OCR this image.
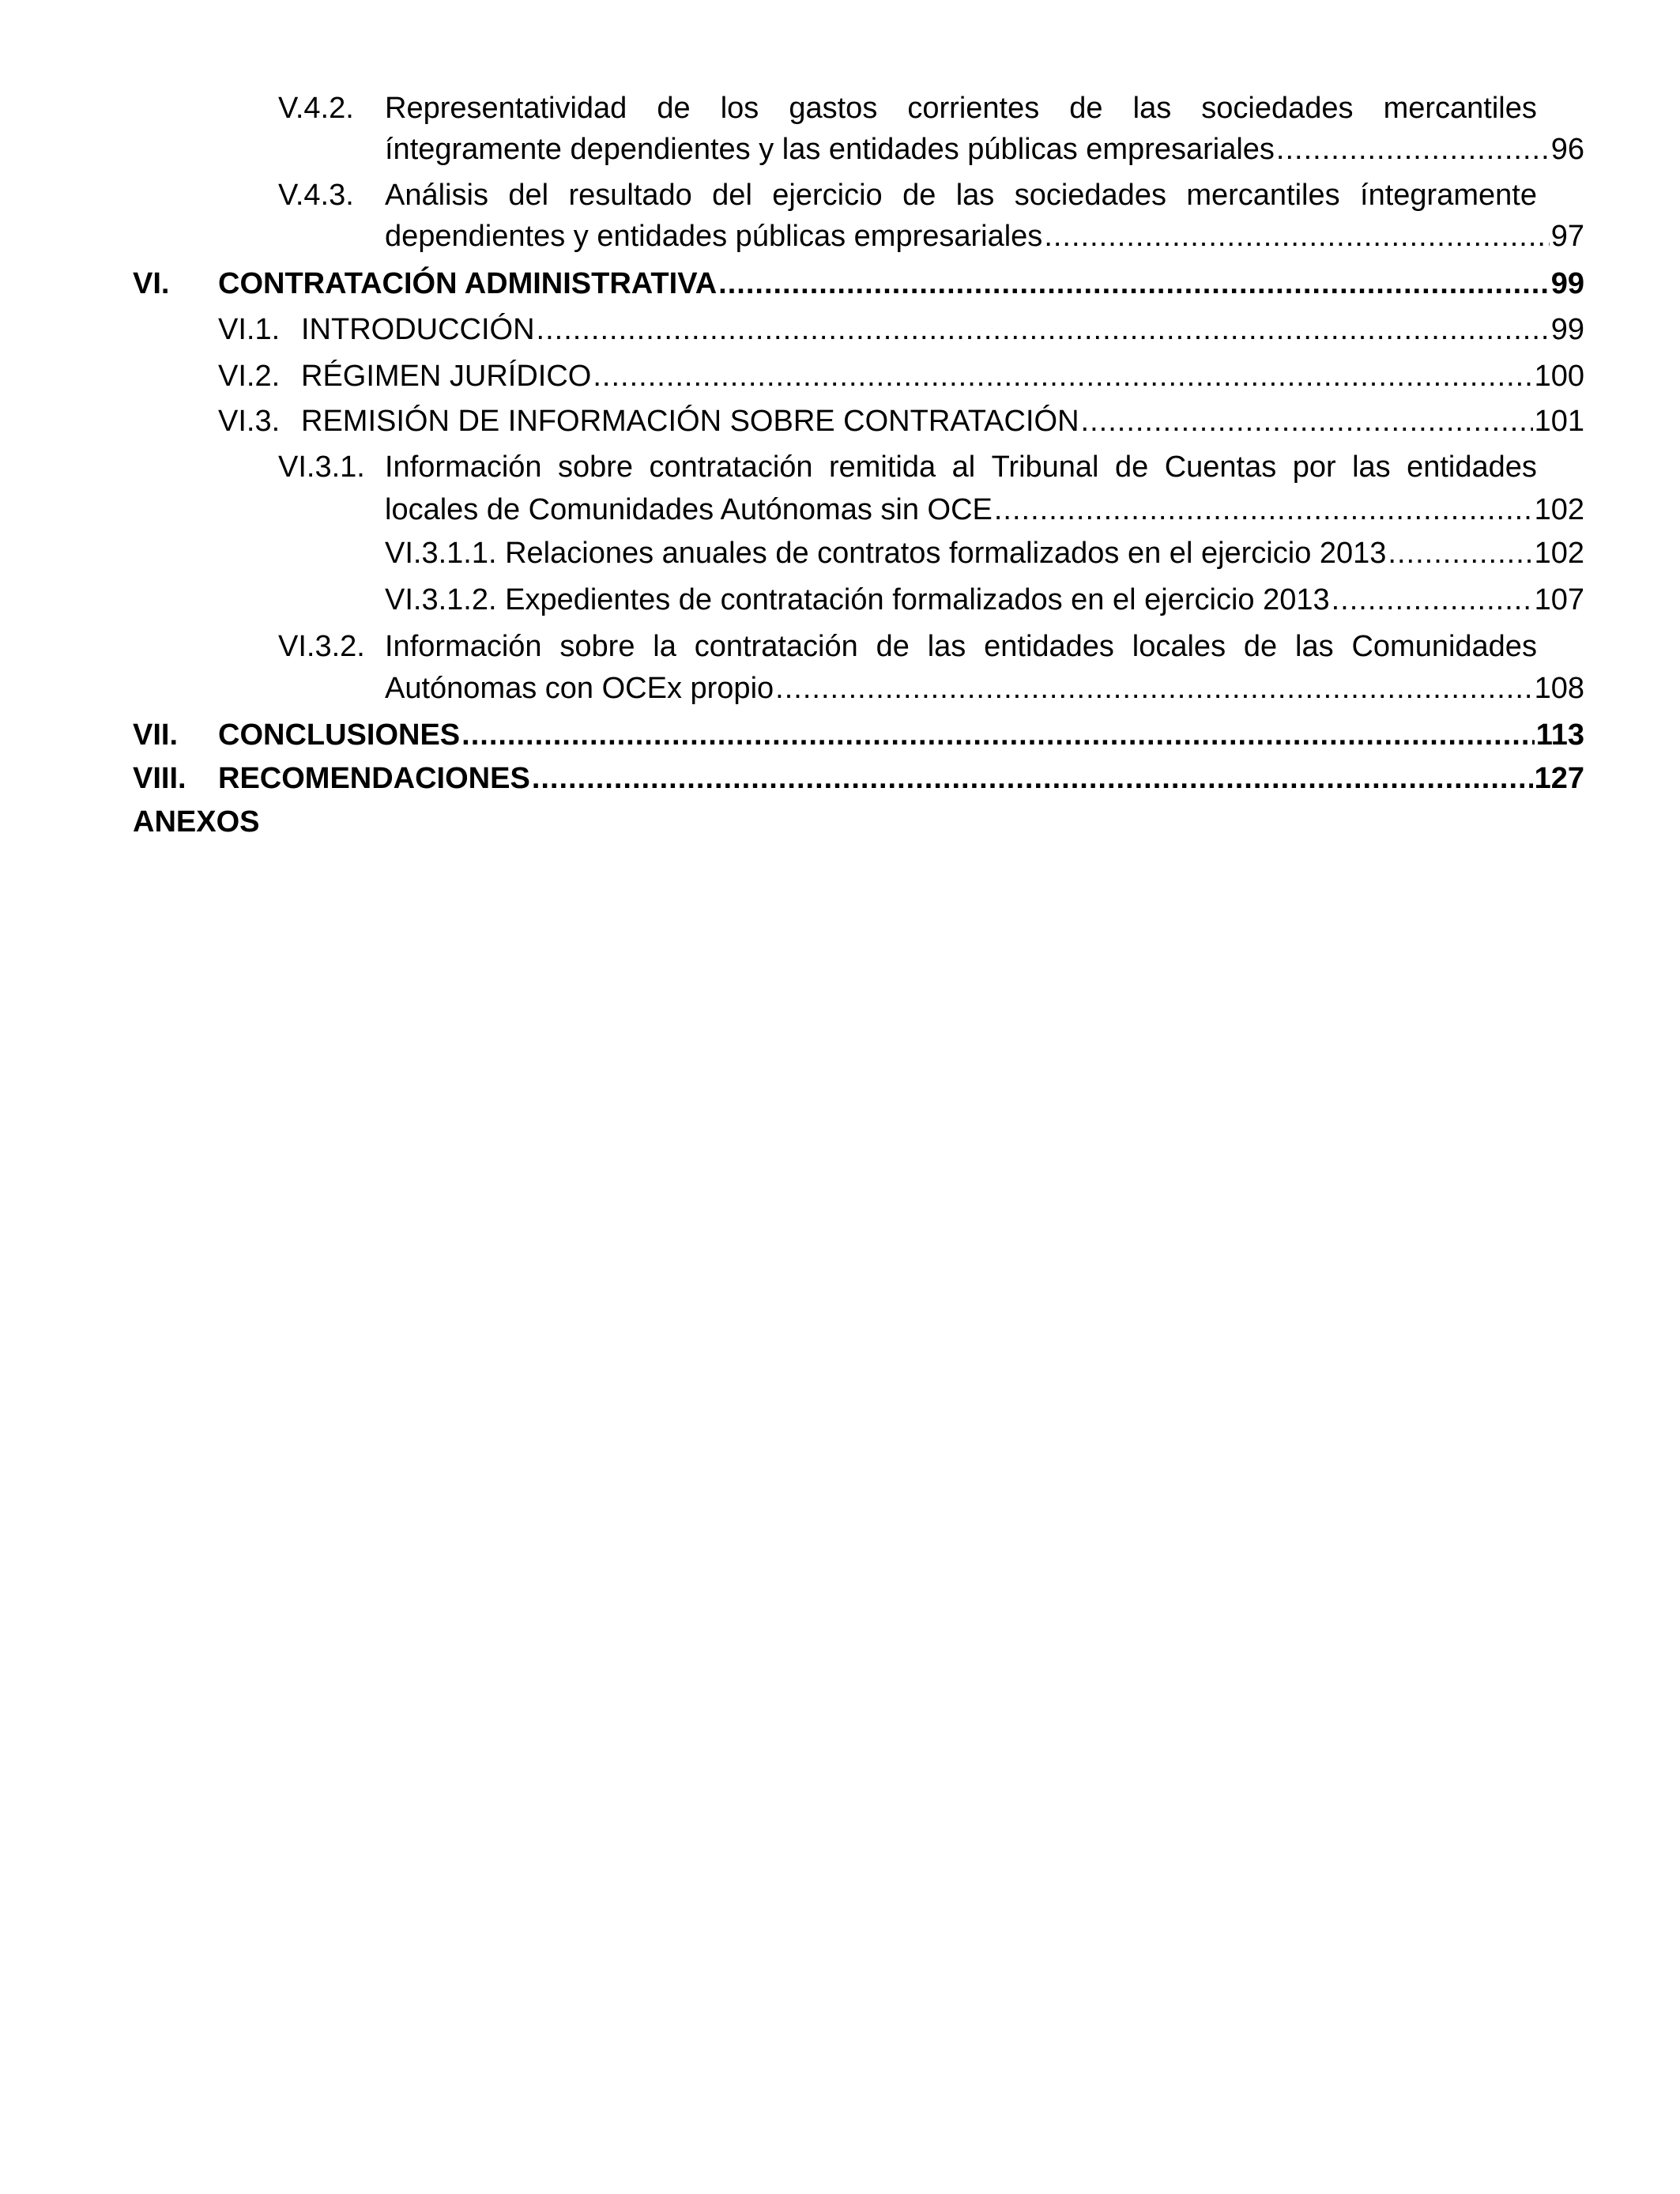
V.4.2. Representatividad de los gastos corrientes de las sociedades mercantiles
íntegramente dependientes y las entidades públicas empresariales .....	96
V.4.3. Análisis del resultado del ejercicio de las sociedades mercantiles íntegramente
dependientes y entidades públicas empresariales .....	97
VI. CONTRATACIÓN ADMINISTRATIVA .....	99
VI.1. INTRODUCCIÓN .....	99
VI.2. RÉGIMEN JURÍDICO .....	100
VI.3. REMISIÓN DE INFORMACIÓN SOBRE CONTRATACIÓN .....	101
VI.3.1. Información sobre contratación remitida al Tribunal de Cuentas por las entidades
locales de Comunidades Autónomas sin OCE .....	102
VI.3.1.1. Relaciones anuales de contratos formalizados en el ejercicio 2013 .....	102
VI.3.1.2. Expedientes de contratación formalizados en el ejercicio 2013 .....	107
VI.3.2. Información sobre la contratación de las entidades locales de las Comunidades
Autónomas con OCEx propio .....	108
VII. CONCLUSIONES .....	113
VIII. RECOMENDACIONES .....	127
ANEXOS
